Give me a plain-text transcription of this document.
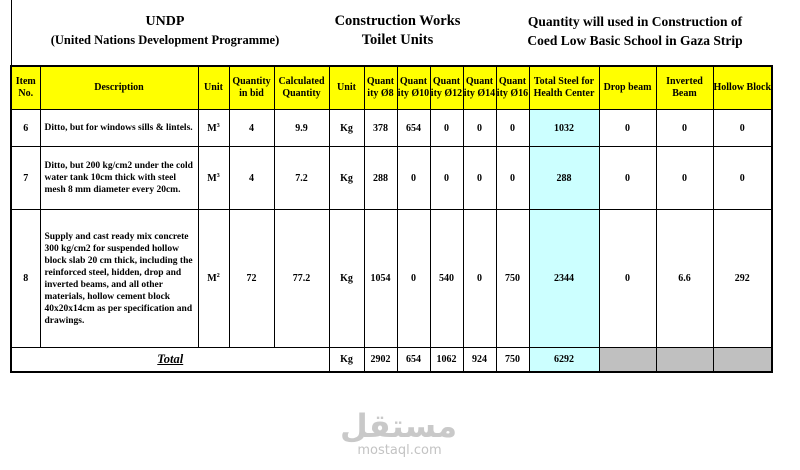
UNDP
(United Nations Development Programme)
Construction Works
Toilet Units
Quantity will used in Construction of
Coed Low Basic School in Gaza Strip
Item No.	Description	Unit	Quantity in bid	Calculated Quantity	Unit	Quant ity Ø8	Quant ity Ø10	Quant ity Ø12	Quant ity Ø14	Quant ity Ø16	Total Steel for Health Center	Drop beam	Inverted Beam	Hollow Block
6	Ditto, but for windows sills & lintels.	$M^3$	4	9.9	Kg	378	654	0	0	0	1032	0	0	0
7	Ditto, but 200 kg/cm2 under the cold water tank 10cm thick with steel mesh 8 mm diameter every 20cm.	$M^3$	4	7.2	Kg	288	0	0	0	0	288	0	0	0
8	Supply and cast ready mix concrete 300 kg/cm2 for suspended hollow block slab 20 cm thick, including the reinforced steel, hidden, drop and inverted beams, and all other materials, hollow cement block 40x20x14cm as per specification and drawings.	$M^2$	72	77.2	Kg	1054	0	540	0	750	2344	0	6.6	292
Total					Kg	2902	654	1062	924	750	6292			
مستقل
mostaql.com
